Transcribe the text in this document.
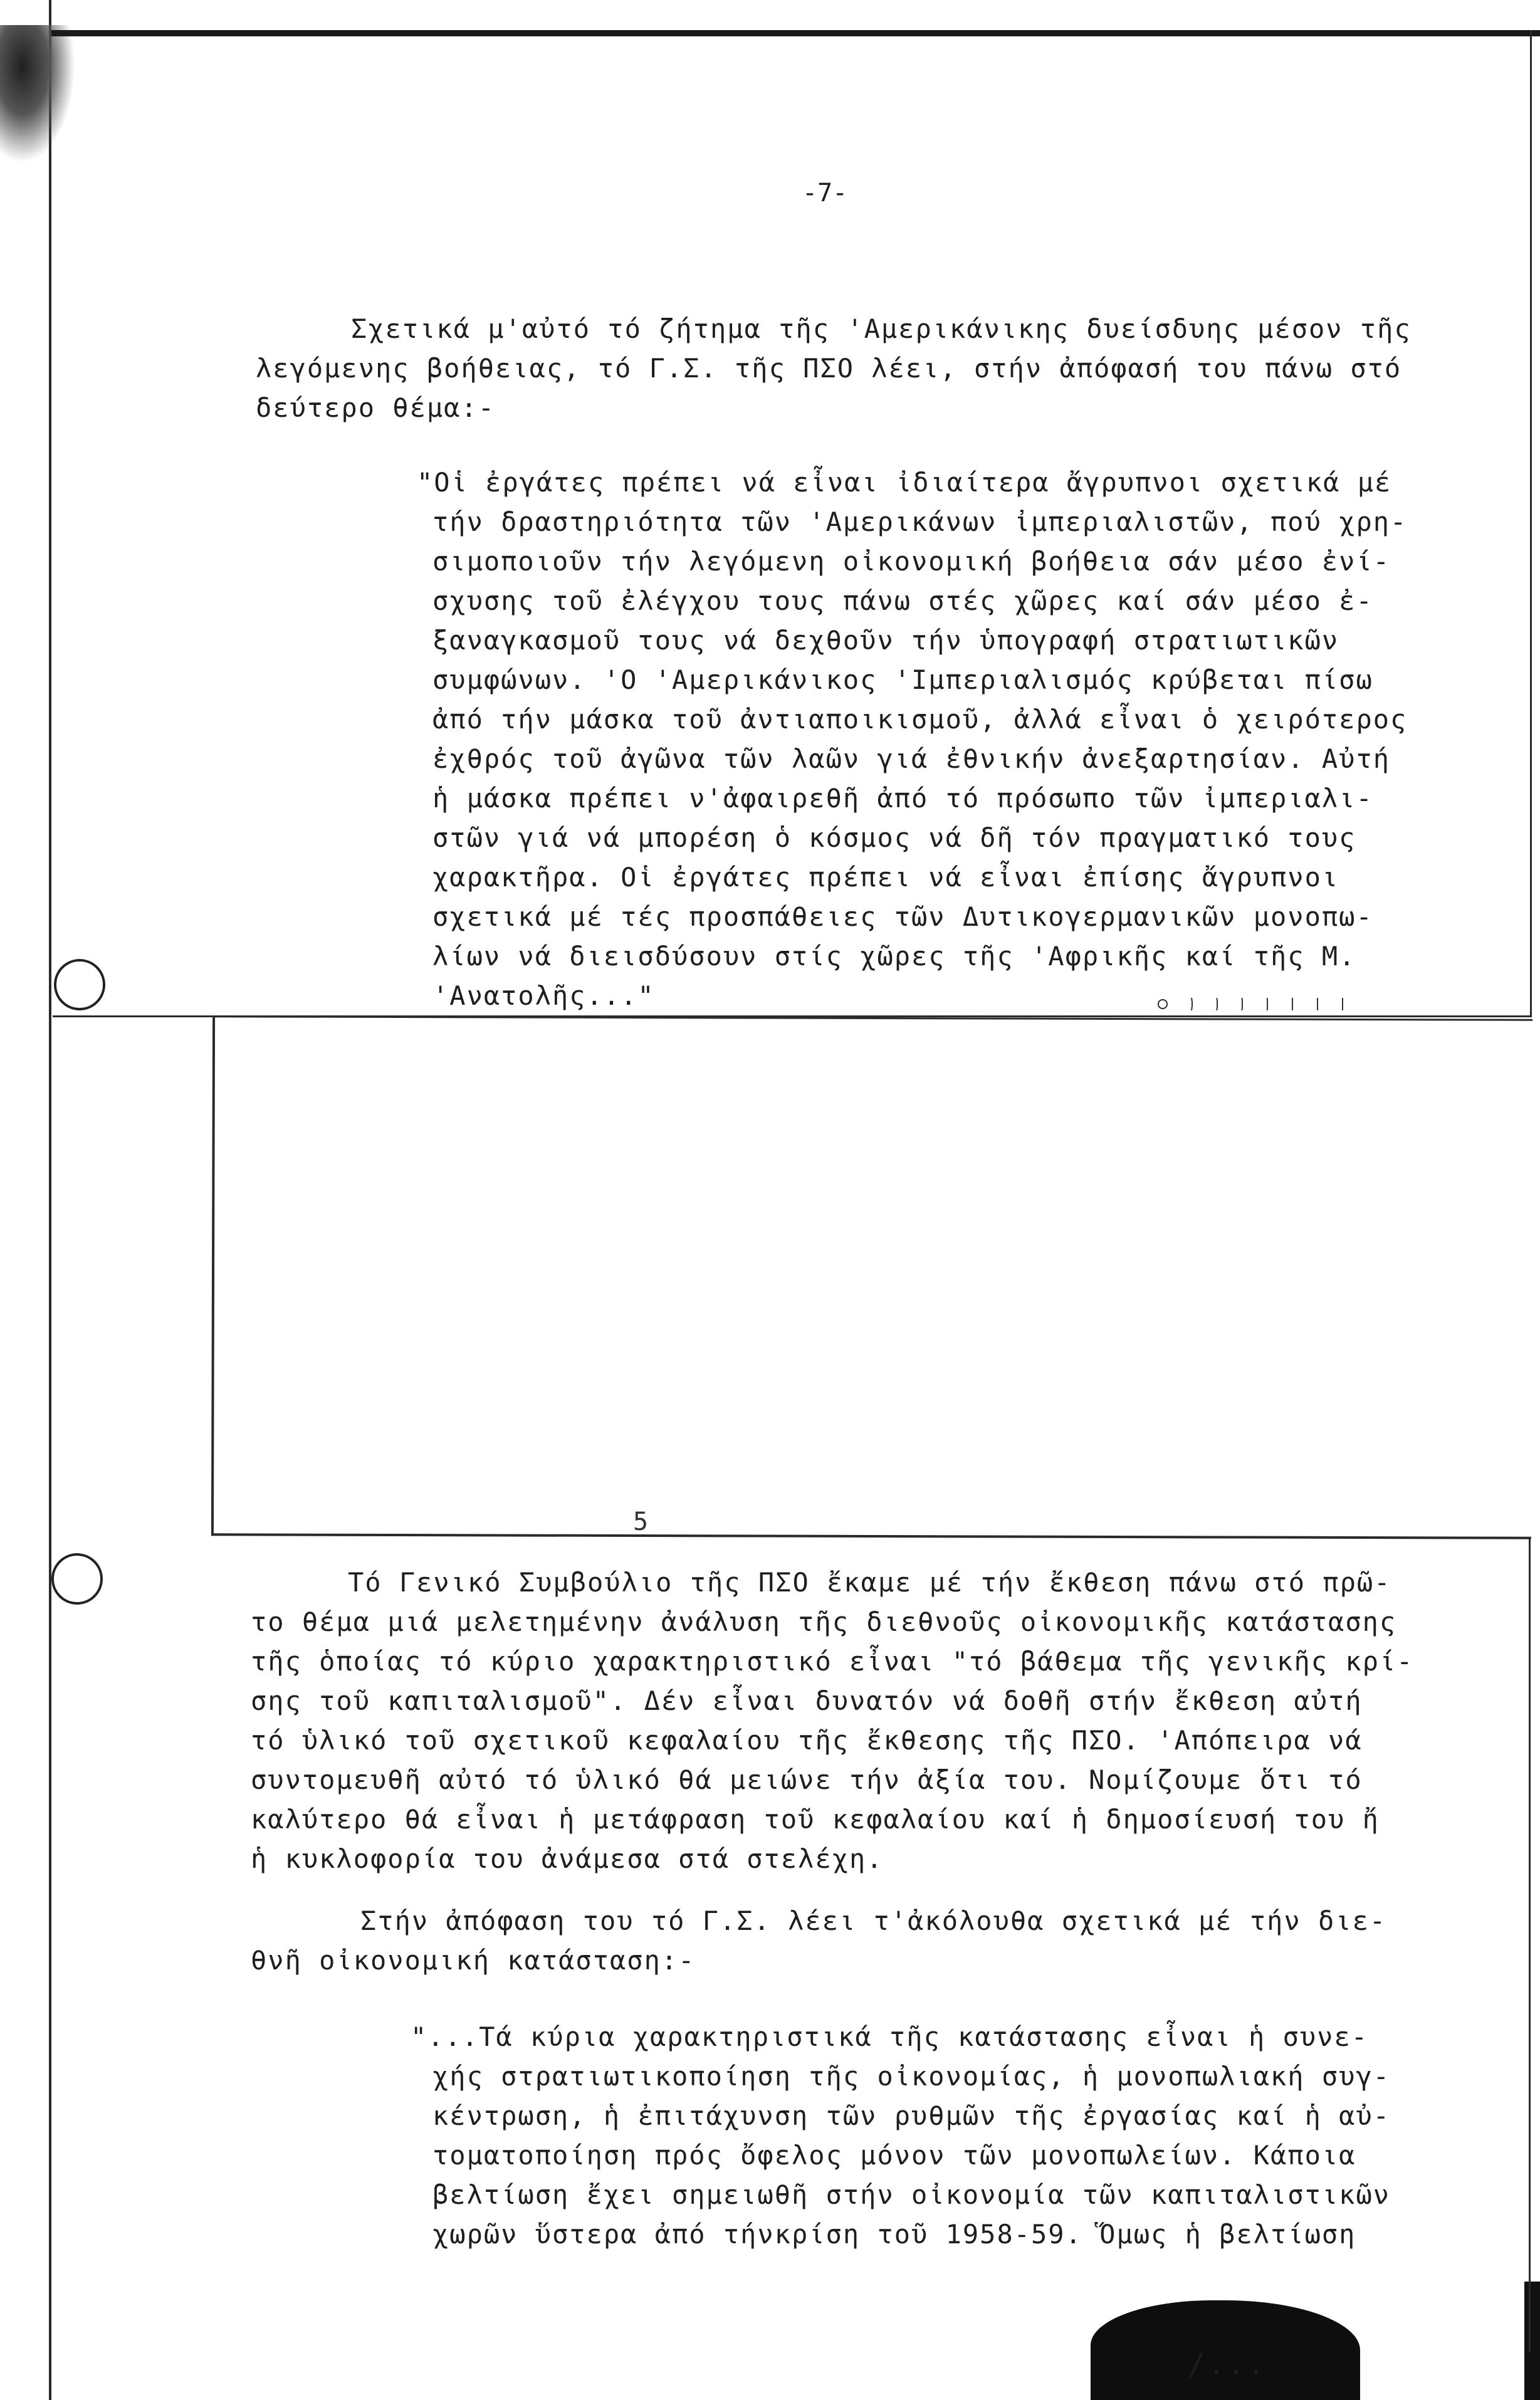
-7-
Σχετικά μ'αὐτό τό ζήτημα τῆς 'Αμερικάνικης δυείσδυης μέσον τῆς
λεγόμενης βοήθειας, τό Γ.Σ. τῆς ΠΣΟ λέει, στήν ἀπόφασή του πάνω στό
δεύτερο θέμα:-
"Οἱ ἐργάτες πρέπει νά εἶναι ἰδιαίτερα ἄγρυπνοι σχετικά μέ
τήν δραστηριότητα τῶν 'Αμερικάνων ἰμπεριαλιστῶν, πού χρη-
σιμοποιοῦν τήν λεγόμενη οἰκονομική βοήθεια σάν μέσο ἐνί-
σχυσης τοῦ ἐλέγχου τους πάνω στές χῶρες καί σάν μέσο ἐ-
ξαναγκασμοῦ τους νά δεχθοῦν τήν ὑπογραφή στρατιωτικῶν
συμφώνων. 'Ο 'Αμερικάνικος 'Ιμπεριαλισμός κρύβεται πίσω
ἀπό τήν μάσκα τοῦ ἀντιαποικισμοῦ, ἀλλά εἶναι ὁ χειρότερος
ἐχθρός τοῦ ἀγῶνα τῶν λαῶν γιά ἐθνικήν ἀνεξαρτησίαν. Αὐτή
ἡ μάσκα πρέπει ν'ἀφαιρεθῆ ἀπό τό πρόσωπο τῶν ἰμπεριαλι-
στῶν γιά νά μπορέση ὁ κόσμος νά δῆ τόν πραγματικό τους
χαρακτῆρα. Οἱ ἐργάτες πρέπει νά εἶναι ἐπίσης ἄγρυπνοι
σχετικά μέ τές προσπάθειες τῶν Δυτικογερμανικῶν μονοπω-
λίων νά διεισδύσουν στίς χῶρες τῆς 'Αφρικῆς καί τῆς Μ.
'Ανατολῆς..."
5
Τό Γενικό Συμβούλιο τῆς ΠΣΟ ἔκαμε μέ τήν ἔκθεση πάνω στό πρῶ-
το θέμα μιά μελετημένην ἀνάλυση τῆς διεθνοῦς οἰκονομικῆς κατάστασης
τῆς ὁποίας τό κύριο χαρακτηριστικό εἶναι "τό βάθεμα τῆς γενικῆς κρί-
σης τοῦ καπιταλισμοῦ". Δέν εἶναι δυνατόν νά δοθῆ στήν ἔκθεση αὐτή
τό ὑλικό τοῦ σχετικοῦ κεφαλαίου τῆς ἔκθεσης τῆς ΠΣΟ. 'Απόπειρα νά
συντομευθῆ αὐτό τό ὑλικό θά μειώνε τήν ἀξία του. Νομίζουμε ὅτι τό
καλύτερο θά εἶναι ἡ μετάφραση τοῦ κεφαλαίου καί ἡ δημοσίευσή του ἤ
ἡ κυκλοφορία του ἀνάμεσα στά στελέχη.
Στήν ἀπόφαση του τό Γ.Σ. λέει τ'ἀκόλουθα σχετικά μέ τήν διε-
θνῆ οἰκονομική κατάσταση:-
"...Τά κύρια χαρακτηριστικά τῆς κατάστασης εἶναι ἡ συνε-
χής στρατιωτικοποίηση τῆς οἰκονομίας, ἡ μονοπωλιακή συγ-
κέντρωση, ἡ ἐπιτάχυνση τῶν ρυθμῶν τῆς ἐργασίας καί ἡ αὐ-
τοματοποίηση πρός ὄφελος μόνον τῶν μονοπωλείων. Κάποια
βελτίωση ἔχει σημειωθῆ στήν οἰκονομία τῶν καπιταλιστικῶν
χωρῶν ὕστερα ἀπό τήνκρίση τοῦ 1958-59. Ὅμως ἡ βελτίωση
/...
